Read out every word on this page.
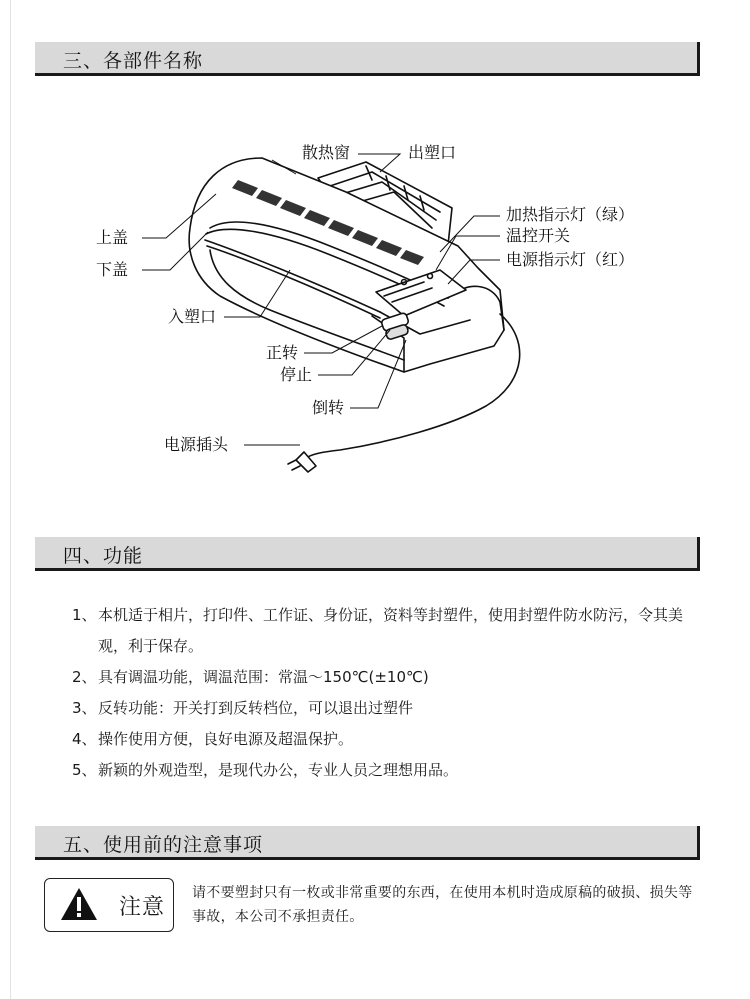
三、各部件名称
散热窗	出塑口
加热指示灯（绿）
温控开关
电源指示灯（红）
上盖
下盖
入塑口
正转
停止
倒转
电源插头
四、功能
1、 本机适于相片，打印件、工作证、身份证，资料等封塑件，使用封塑件防水防污，令其美观，利于保存。
2、 具有调温功能，调温范围：常温～150℃(±10℃)
3、 反转功能：开关打到反转档位，可以退出过塑件
4、 操作使用方便，良好电源及超温保护。
5、 新颖的外观造型，是现代办公，专业人员之理想用品。
五、使用前的注意事项
注意
请不要塑封只有一枚或非常重要的东西，在使用本机时造成原稿的破损、损失等事故，本公司不承担责任。
